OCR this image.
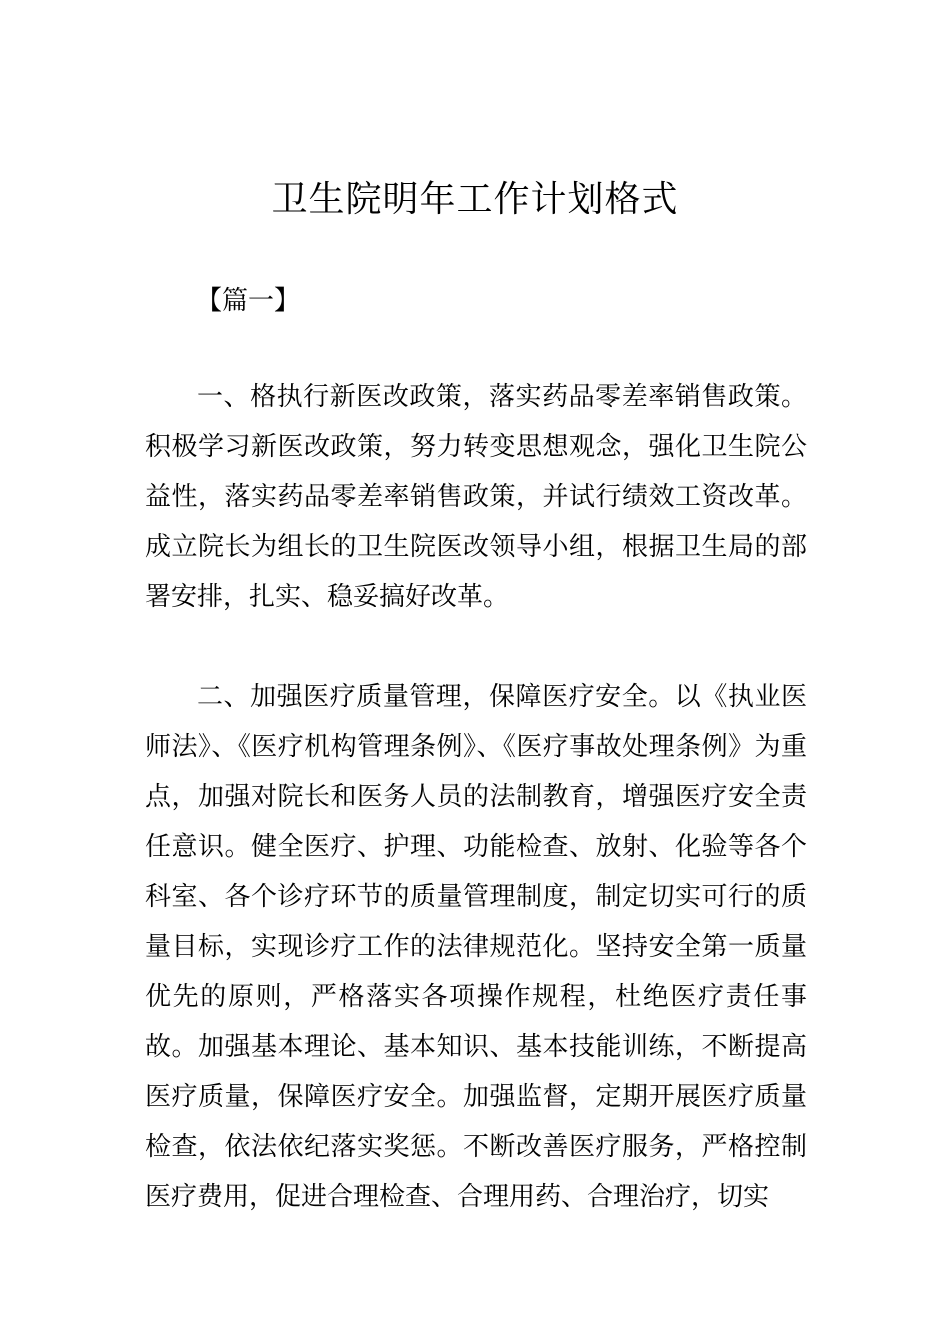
卫生院明年工作计划格式

【篇一】

一、格执行新医改政策，落实药品零差率销售政策。积极学习新医改政策，努力转变思想观念，强化卫生院公益性，落实药品零差率销售政策，并试行绩效工资改革。成立院长为组长的卫生院医改领导小组，根据卫生局的部署安排，扎实、稳妥搞好改革。

二、加强医疗质量管理，保障医疗安全。以《执业医师法》、《医疗机构管理条例》、《医疗事故处理条例》为重点，加强对院长和医务人员的法制教育，增强医疗安全责任意识。健全医疗、护理、功能检查、放射、化验等各个科室、各个诊疗环节的质量管理制度，制定切实可行的质量目标，实现诊疗工作的法律规范化。坚持安全第一质量优先的原则，严格落实各项操作规程，杜绝医疗责任事故。加强基本理论、基本知识、基本技能训练，不断提高医疗质量，保障医疗安全。加强监督，定期开展医疗质量检查，依法依纪落实奖惩。不断改善医疗服务，严格控制医疗费用，促进合理检查、合理用药、合理治疗，切实
